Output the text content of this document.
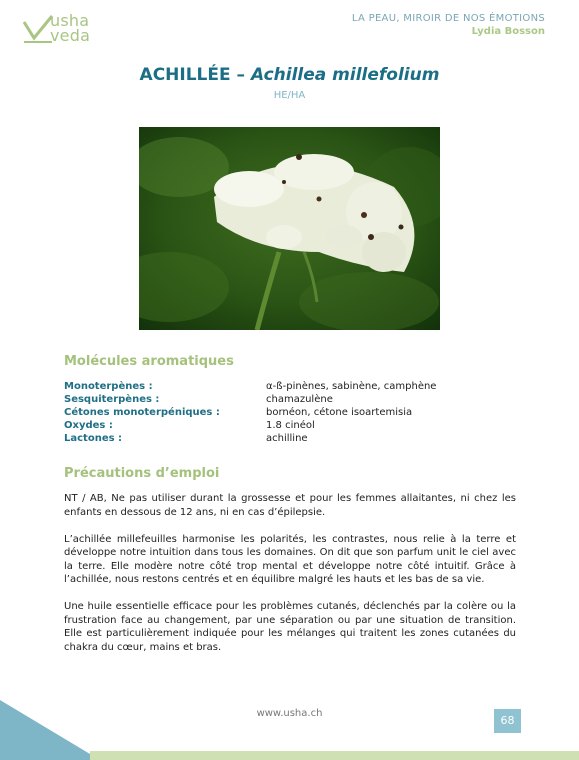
usha
veda
LA PEAU, MIROIR DE NOS ÉMOTIONS
Lydia Bosson
ACHILLÉE – Achillea millefolium
HE/HA
Molécules aromatiques
Monoterpènes :	α-ß-pinènes, sabinène, camphène
Sesquiterpènes :	chamazulène
Cétones monoterpéniques :	bornéon, cétone isoartemisia
Oxydes :	1.8 cinéol
Lactones :	achilline
Précautions d’emploi

NT / AB, Ne pas utiliser durant la grossesse et pour les femmes allaitantes, ni chez les enfants en dessous de 12 ans, ni en cas d’épilepsie.

L’achillée millefeuilles harmonise les polarités, les contrastes, nous relie à la terre et développe notre intuition dans tous les domaines. On dit que son parfum unit le ciel avec la terre. Elle modère notre côté trop mental et développe notre côté intuitif. Grâce à l’achillée, nous restons centrés et en équilibre malgré les hauts et les bas de sa vie.

Une huile essentielle efficace pour les problèmes cutanés, déclenchés par la colère ou la frustration face au changement, par une séparation ou par une situation de transition. Elle est particulièrement indiquée pour les mélanges qui traitent les zones cutanées du chakra du cœur, mains et bras.

www.usha.ch
68
